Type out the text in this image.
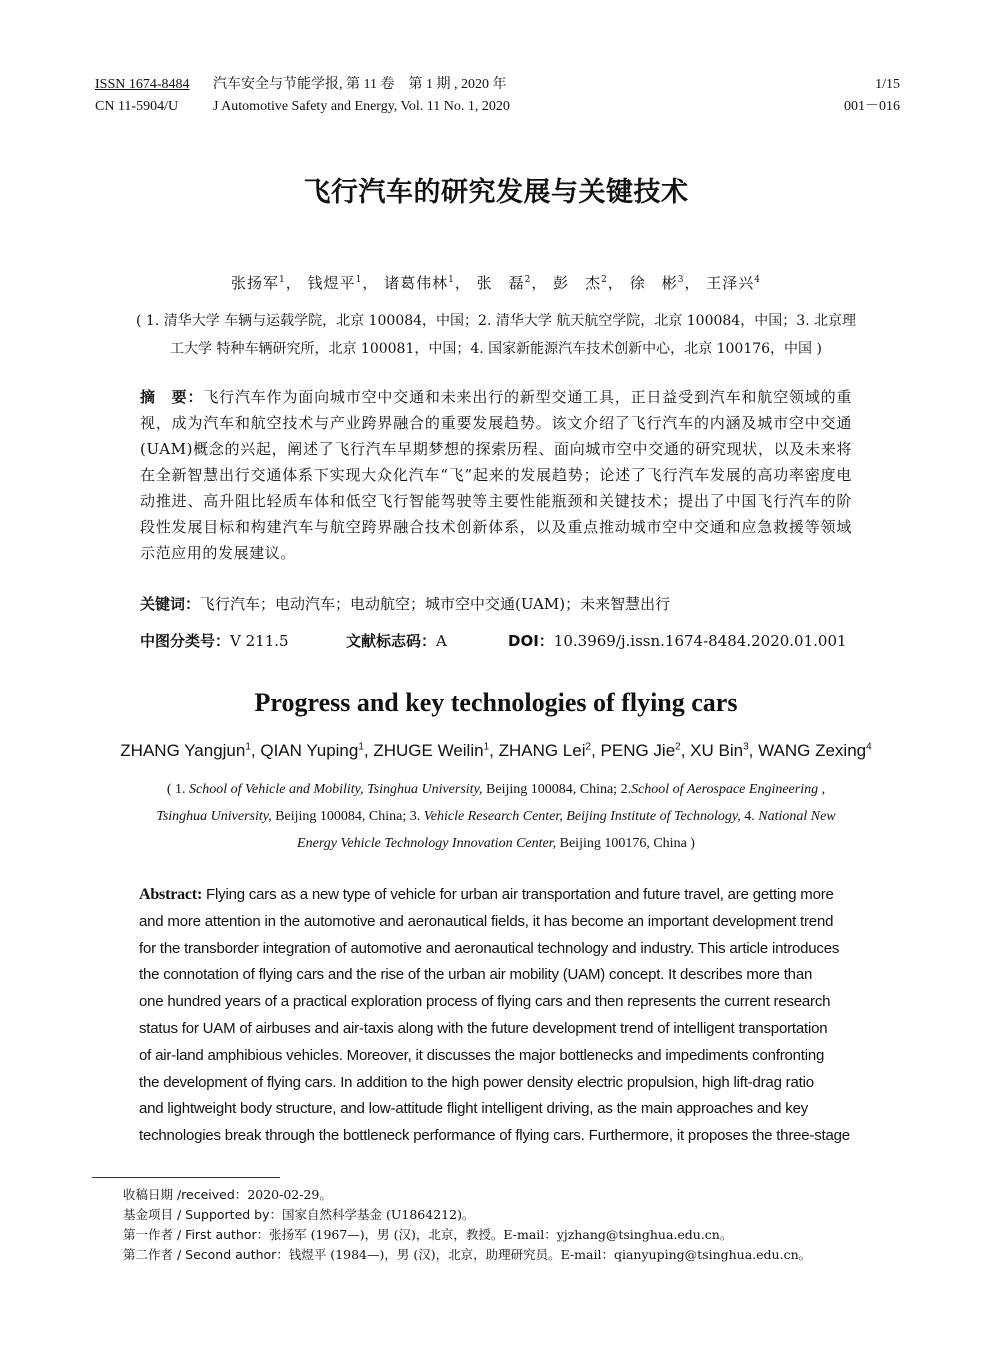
ISSN 1674-8484	汽车安全与节能学报, 第 11 卷　第 1 期 , 2020 年
CN 11-5904/U	J Automotive Safety and Energy, Vol. 11 No. 1, 2020
1/15
001－016
飞行汽车的研究发展与关键技术
张扬军$^1$， 钱煜平$^1$， 诸葛伟林$^1$， 张　磊$^2$， 彭　杰$^2$， 徐　彬$^3$， 王泽兴$^4$
( 1. 清华大学 车辆与运载学院，北京 100084，中国；2. 清华大学 航天航空学院，北京 100084，中国；3. 北京理
工大学 特种车辆研究所，北京 100081，中国；4. 国家新能源汽车技术创新中心，北京 100176，中国 )
摘　要：飞行汽车作为面向城市空中交通和未来出行的新型交通工具，正日益受到汽车和航空领域的重视，成为汽车和航空技术与产业跨界融合的重要发展趋势。该文介绍了飞行汽车的内涵及城市空中交通(UAM)概念的兴起，阐述了飞行汽车早期梦想的探索历程、面向城市空中交通的研究现状，以及未来将在全新智慧出行交通体系下实现大众化汽车“飞”起来的发展趋势；论述了飞行汽车发展的高功率密度电动推进、高升阻比轻质车体和低空飞行智能驾驶等主要性能瓶颈和关键技术；提出了中国飞行汽车的阶段性发展目标和构建汽车与航空跨界融合技术创新体系，以及重点推动城市空中交通和应急救援等领域示范应用的发展建议。
关键词：飞行汽车；电动汽车；电动航空；城市空中交通(UAM)；未来智慧出行
中图分类号：V 211.5	文献标志码：A	DOI：10.3969/j.issn.1674-8484.2020.01.001
Progress and key technologies of flying cars
ZHANG Yangjun$^1$, QIAN Yuping$^1$, ZHUGE Weilin$^1$, ZHANG Lei$^2$, PENG Jie$^2$, XU Bin$^3$, WANG Zexing$^4$
( 1. School of Vehicle and Mobility, Tsinghua University, Beijing 100084, China; 2.School of Aerospace Engineering ,
Tsinghua University, Beijing 100084, China; 3. Vehicle Research Center, Beijing Institute of Technology, 4. National New
Energy Vehicle Technology Innovation Center, Beijing 100176, China )
Abstract: Flying cars as a new type of vehicle for urban air transportation and future travel, are getting more
and more attention in the automotive and aeronautical fields, it has become an important development trend
for the transborder integration of automotive and aeronautical technology and industry. This article introduces
the connotation of flying cars and the rise of the urban air mobility (UAM) concept. It describes more than
one hundred years of a practical exploration process of flying cars and then represents the current research
status for UAM of airbuses and air-taxis along with the future development trend of intelligent transportation
of air-land amphibious vehicles. Moreover, it discusses the major bottlenecks and impediments confronting
the development of flying cars. In addition to the high power density electric propulsion, high lift-drag ratio
and lightweight body structure, and low-attitude flight intelligent driving, as the main approaches and key
technologies break through the bottleneck performance of flying cars. Furthermore, it proposes the three-stage
收稿日期 /received：2020-02-29。
基金项目 / Supported by：国家自然科学基金 (U1864212)。
第一作者 / First author：张扬军 (1967—)，男 (汉)，北京，教授。E-mail：yjzhang@tsinghua.edu.cn。
第二作者 / Second author：钱煜平 (1984—)，男 (汉)，北京，助理研究员。E-mail：qianyuping@tsinghua.edu.cn。
